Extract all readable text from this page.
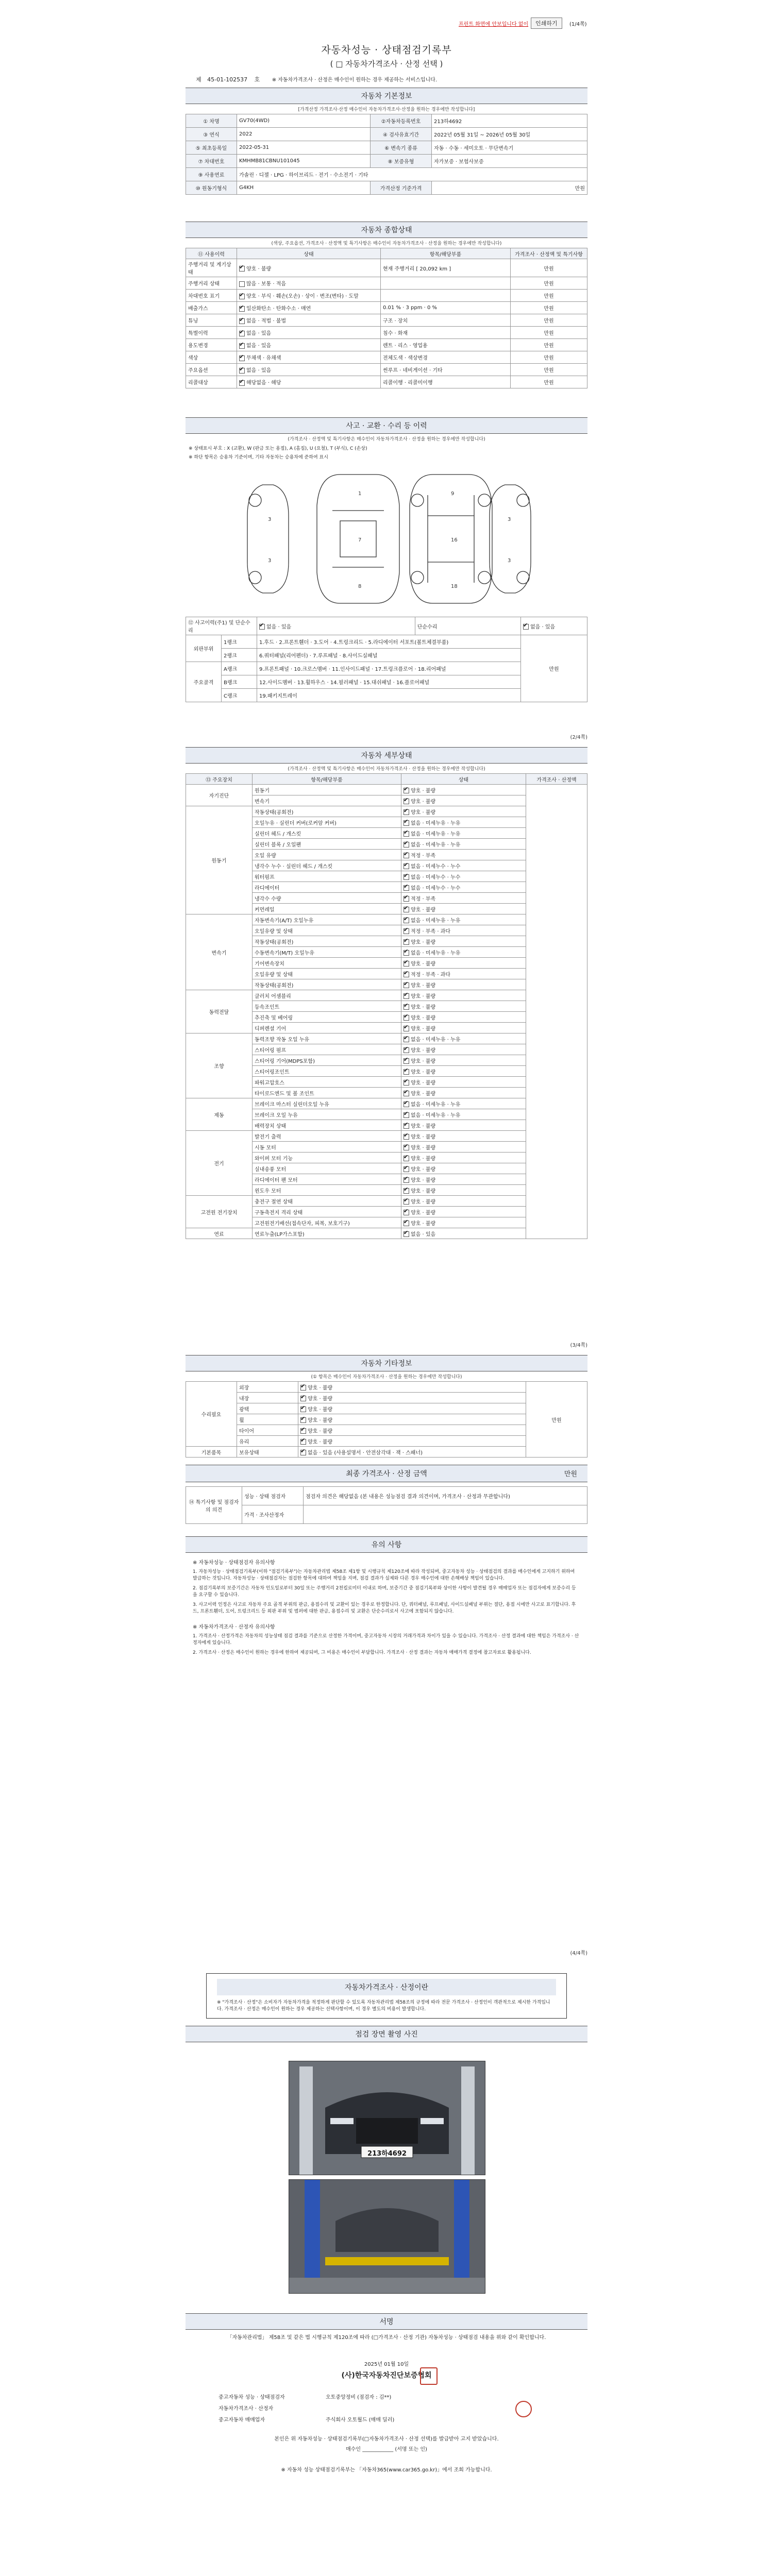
프린트 화면에 안보입니다 없이	인쇄하기	(1/4쪽)
자동차성능 · 상태점검기록부
( □ 자동차가격조사 · 산정 선택 )
제 45-01-102537 호 ※ 자동차가격조사 · 산정은 매수인이 원하는 경우 제공하는 서비스입니다.
자동차 기본정보
[가격산정 가격조사·산정 매수인이 자동차가격조사·산정을 원하는 경우에만 작성합니다]
① 차명	GV70(4WD)	②자동차등록번호	213하4692
③ 연식	2022	④ 검사유효기간	2022년 05월 31일 ~ 2026년 05월 30일
⑤ 최초등록일	2022-05-31	⑥ 변속기 종류	자동 · 수동 · 세미오토 · 무단변속기
⑦ 차대번호	KMHMB81CBNU101045	⑧ 보증유형	자가보증 · 보험사보증
⑨ 사용연료	가솔린 · 디젤 · LPG · 하이브리드 · 전기 · 수소전기 · 기타		
⑩ 원동기형식	G4KH	가격산정 기준가격	만원
자동차 종합상태
(색상, 주요옵션, 가격조사 · 산정액 및 특기사항은 매수인이 자동차가격조사 · 산정을 원하는 경우에만 작성합니다)
⑪ 사용이력	상태	항목/해당부품	가격조사 · 산정액 및 특기사항
주행거리 및 계기상태	✔양호 · 불량	현재 주행거리 [ 20,092 km ]	만원
주행거리 상태	많음 · 보통 · 적음		만원
차대번호 표기	✔양호 · 부식 · 훼손(오손) · 상이 · 변조(변타) · 도말		만원
배출가스	✔일산화탄소 · 탄화수소 · 매연	0.01 % · 3 ppm · 0 %	만원
튜닝	✔없음 · 적법 · 불법	구조 · 장치	만원
특별이력	✔없음 · 있음	침수 · 화재	만원
용도변경	✔없음 · 있음	렌트 · 리스 · 영업용	만원
색상	✔무채색 · 유채색	전체도색 · 색상변경	만원
주요옵션	✔없음 · 있음	썬루프 · 네비게이션 · 기타	만원
리콜대상	✔해당없음 · 해당	리콜이행 · 리콜미이행	만원
사고 · 교환 · 수리 등 이력
(가격조사 · 산정액 및 특기사항은 매수인이 자동차가격조사 · 산정을 원하는 경우에만 작성합니다)
※ 상태표시 부호 : X (교환), W (판금 또는 용접), A (흠집), U (요철), T (부식), C (손상)
※ 하단 항목은 승용차 기준이며, 기타 자동차는 승용차에 준하여 표시
1
7
8
9
16
18
3
3
3
3
⑫ 사고이력(주1) 및 단순수리	✔없음 · 있음	단순수리	✔없음 · 있음
외판부위	1랭크	1.후드 · 2.프론트휀더 · 3.도어 · 4.트렁크리드 · 5.라디에이터 서포트(볼트체결부품)		만원
	2랭크	6.쿼터패널(리어펜더) · 7.루프패널 · 8.사이드실패널		
주요골격	A랭크	9.프론트패널 · 10.크로스멤버 · 11.인사이드패널 · 17.트렁크플로어 · 18.리어패널		
	B랭크	12.사이드멤버 · 13.휠하우스 · 14.필러패널 · 15.대쉬패널 · 16.플로어패널		
	C랭크	19.패키지트레이		
(2/4쪽)
자동차 세부상태
(가격조사 · 산정액 및 특기사항은 매수인이 자동차가격조사 · 산정을 원하는 경우에만 작성합니다)
⑬ 주요장치	항목/해당부품	상태	가격조사 · 산정액
자기진단	원동기	✔양호 · 불량	
	변속기	✔양호 · 불량
원동기	작동상태(공회전)	✔양호 · 불량
	오일누유 · 실린더 커버(로커암 커버)	✔없음 · 미세누유 · 누유
	실린더 헤드 / 개스킷	✔없음 · 미세누유 · 누유
	실린더 블록 / 오일팬	✔없음 · 미세누유 · 누유
	오일 유량	✔적정 · 부족
	냉각수 누수 · 실린더 헤드 / 개스킷	✔없음 · 미세누수 · 누수
	워터펌프	✔없음 · 미세누수 · 누수
	라디에이터	✔없음 · 미세누수 · 누수
	냉각수 수량	✔적정 · 부족
	커먼레일	✔양호 · 불량
변속기	자동변속기(A/T) 오일누유	✔없음 · 미세누유 · 누유
	오일유량 및 상태	✔적정 · 부족 · 과다
	작동상태(공회전)	✔양호 · 불량
	수동변속기(M/T) 오일누유	✔없음 · 미세누유 · 누유
	기어변속장치	✔양호 · 불량
	오일유량 및 상태	✔적정 · 부족 · 과다
	작동상태(공회전)	✔양호 · 불량
동력전달	클러치 어셈블리	✔양호 · 불량
	등속조인트	✔양호 · 불량
	추진축 및 베어링	✔양호 · 불량
	디퍼렌셜 기어	✔양호 · 불량
조향	동력조향 작동 오일 누유	✔없음 · 미세누유 · 누유
	스티어링 펌프	✔양호 · 불량
	스티어링 기어(MDPS포함)	✔양호 · 불량
	스티어링조인트	✔양호 · 불량
	파워고압호스	✔양호 · 불량
	타이로드엔드 및 볼 조인트	✔양호 · 불량
제동	브레이크 마스터 실린더오일 누유	✔없음 · 미세누유 · 누유
	브레이크 오일 누유	✔없음 · 미세누유 · 누유
	배력장치 상태	✔양호 · 불량
전기	발전기 출력	✔양호 · 불량
	시동 모터	✔양호 · 불량
	와이퍼 모터 기능	✔양호 · 불량
	실내송풍 모터	✔양호 · 불량
	라디에이터 팬 모터	✔양호 · 불량
	윈도우 모터	✔양호 · 불량
고전원 전기장치	충전구 절연 상태	✔양호 · 불량
	구동축전지 격리 상태	✔양호 · 불량
	고전원전기배선(접속단자, 피복, 보호기구)	✔양호 · 불량
연료	연료누출(LP가스포함)	✔없음 · 있음
(3/4쪽)
자동차 기타정보
(① 항목은 매수인이 자동차가격조사 · 산정을 원하는 경우에만 작성합니다)
수리필요	외장	✔양호 · 불량	만원
	내장	✔양호 · 불량
	광택	✔양호 · 불량
	휠	✔양호 · 불량
	타이어	✔양호 · 불량
	유리	✔양호 · 불량
기본품목	보유상태	✔없음 · 있음 (사용설명서 · 안전삼각대 · 잭 · 스패너)
최종 가격조사 · 산정 금액	만원
⑭ 특기사항 및 점검자의 의견	성능 · 상태 점검자	점검자 의견은 해당없음 (본 내용은 성능점검 결과 의견이며, 가격조사 · 산정과 무관합니다)
	가격 · 조사산정자	
유의 사항
※ 자동차성능 · 상태점검자 유의사항
1. 자동차성능 · 상태점검기록부(이하 "점검기록부")는 자동차관리법 제58조 제1항 및 시행규칙 제120조에 따라 작성되며, 중고자동차 성능 · 상태점검의 결과를 매수인에게 고지하기 위하여 발급하는 것입니다. 자동차성능 · 상태점검자는 점검한 항목에 대하여 책임을 지며, 점검 결과가 실제와 다른 경우 매수인에 대한 손해배상 책임이 있습니다.
2. 점검기록부의 보증기간은 자동차 인도일로부터 30일 또는 주행거리 2천킬로미터 이내로 하며, 보증기간 중 점검기록부와 상이한 사항이 발견될 경우 매매업자 또는 점검자에게 보증수리 등을 요구할 수 있습니다.
3. 사고이력 인정은 사고로 자동차 주요 골격 부위의 판금, 용접수리 및 교환이 있는 경우로 한정합니다. 단, 쿼터패널, 루프패널, 사이드실패널 부위는 절단, 용접 시에만 사고로 표기합니다. 후드, 프론트휀더, 도어, 트렁크리드 등 외판 부위 및 범퍼에 대한 판금, 용접수리 및 교환은 단순수리로서 사고에 포함되지 않습니다.
※ 자동차가격조사 · 산정자 유의사항
1. 가격조사 · 산정가격은 자동차의 성능상태 점검 결과를 기준으로 산정한 가격이며, 중고자동차 시장의 거래가격과 차이가 있을 수 있습니다. 가격조사 · 산정 결과에 대한 책임은 가격조사 · 산정자에게 있습니다.
2. 가격조사 · 산정은 매수인이 원하는 경우에 한하여 제공되며, 그 비용은 매수인이 부담합니다. 가격조사 · 산정 결과는 자동차 매매가격 결정에 참고자료로 활용됩니다.
(4/4쪽)
자동차가격조사 · 산정이란
※ "가격조사 · 산정"은 소비자가 자동차가격을 적정하게 판단할 수 있도록 자동차관리법 제58조의 규정에 따라 전문 가격조사 · 산정인이 객관적으로 제시한 가격입니다. 가격조사 · 산정은 매수인이 원하는 경우 제공하는 선택사항이며, 이 경우 별도의 비용이 발생합니다.
점검 장면 촬영 사진
213하4692
서명
「자동차관리법」 제58조 및 같은 법 시행규칙 제120조에 따라 (□가격조사 · 산정 기관) 자동차성능 · 상태점검 내용을 위와 같이 확인합니다.
2025년 01월 10일
(사)한국자동차진단보증협회
중고자동차 성능 · 상태점검자	오토중앙정비 (점검자 : 김**)
자동차가격조사 · 산정자	
중고자동차 매매업자	주식회사 오토월드 (매매 딜러)
본인은 위 자동차성능 · 상태점검기록부(□자동차가격조사 · 산정 선택)를 발급받아 고지 받았습니다.
매수인 ____________ (서명 또는 인)
※ 자동차 성능 상태점검기록부는 「자동차365(www.car365.go.kr)」에서 조회 가능합니다.
